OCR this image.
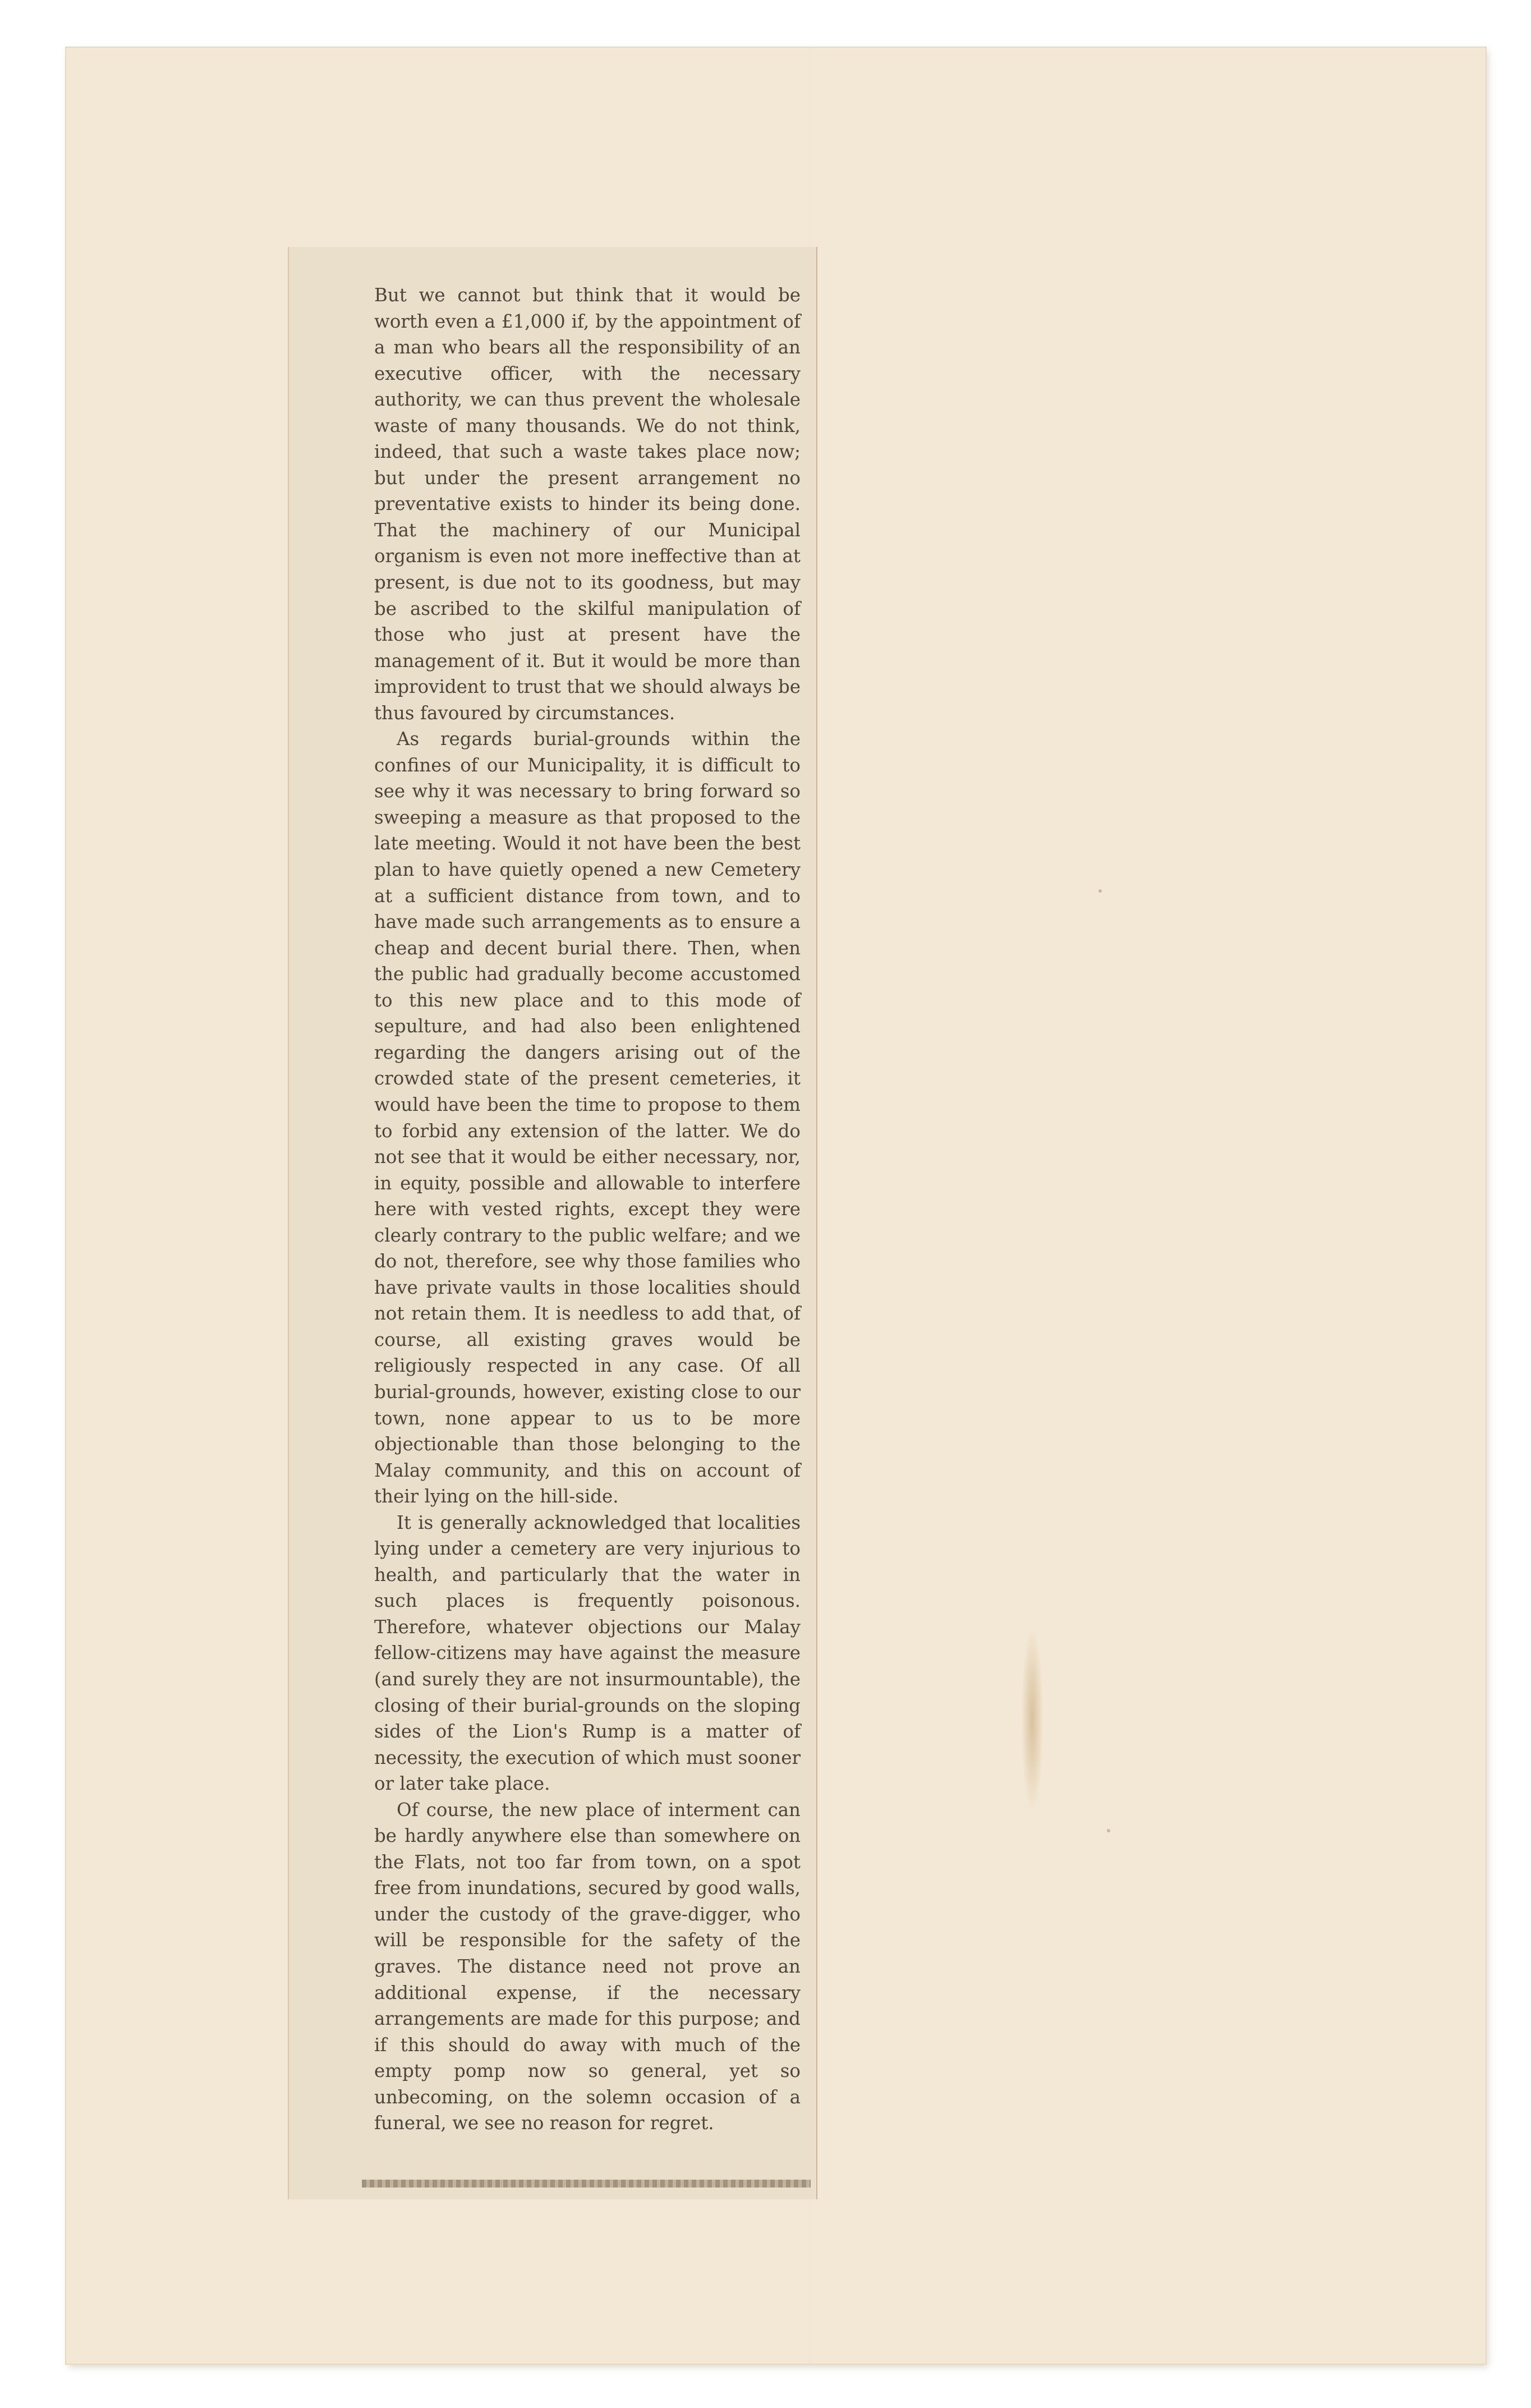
But we cannot but think that it would be worth even a £1,000 if, by the appointment of a man who bears all the responsibility of an executive officer, with the necessary authority, we can thus prevent the wholesale waste of many thousands. We do not think, indeed, that such a waste takes place now; but under the present arrangement no preventative exists to hinder its being done. That the machinery of our Municipal organism is even not more ineffective than at present, is due not to its goodness, but may be ascribed to the skilful manipulation of those who just at present have the management of it. But it would be more than improvident to trust that we should always be thus favoured by circumstances.

As regards burial-grounds within the confines of our Municipality, it is difficult to see why it was necessary to bring forward so sweeping a measure as that proposed to the late meeting. Would it not have been the best plan to have quietly opened a new Cemetery at a sufficient distance from town, and to have made such arrangements as to ensure a cheap and decent burial there. Then, when the public had gradually become accustomed to this new place and to this mode of sepulture, and had also been enlightened regarding the dangers arising out of the crowded state of the present cemeteries, it would have been the time to propose to them to forbid any extension of the latter. We do not see that it would be either necessary, nor, in equity, possible and allowable to interfere here with vested rights, except they were clearly contrary to the public welfare; and we do not, therefore, see why those families who have private vaults in those localities should not retain them. It is needless to add that, of course, all existing graves would be religiously respected in any case. Of all burial-grounds, however, existing close to our town, none appear to us to be more objectionable than those belonging to the Malay community, and this on account of their lying on the hill-side.

It is generally acknowledged that localities lying under a cemetery are very injurious to health, and particularly that the water in such places is frequently poisonous. Therefore, whatever objections our Malay fellow-citizens may have against the measure (and surely they are not insurmountable), the closing of their burial-grounds on the sloping sides of the Lion's Rump is a matter of necessity, the execution of which must sooner or later take place.

Of course, the new place of interment can be hardly anywhere else than somewhere on the Flats, not too far from town, on a spot free from inundations, secured by good walls, under the custody of the grave-digger, who will be responsible for the safety of the graves. The distance need not prove an additional expense, if the necessary arrangements are made for this purpose; and if this should do away with much of the empty pomp now so general, yet so unbecoming, on the solemn occasion of a funeral, we see no reason for regret.
